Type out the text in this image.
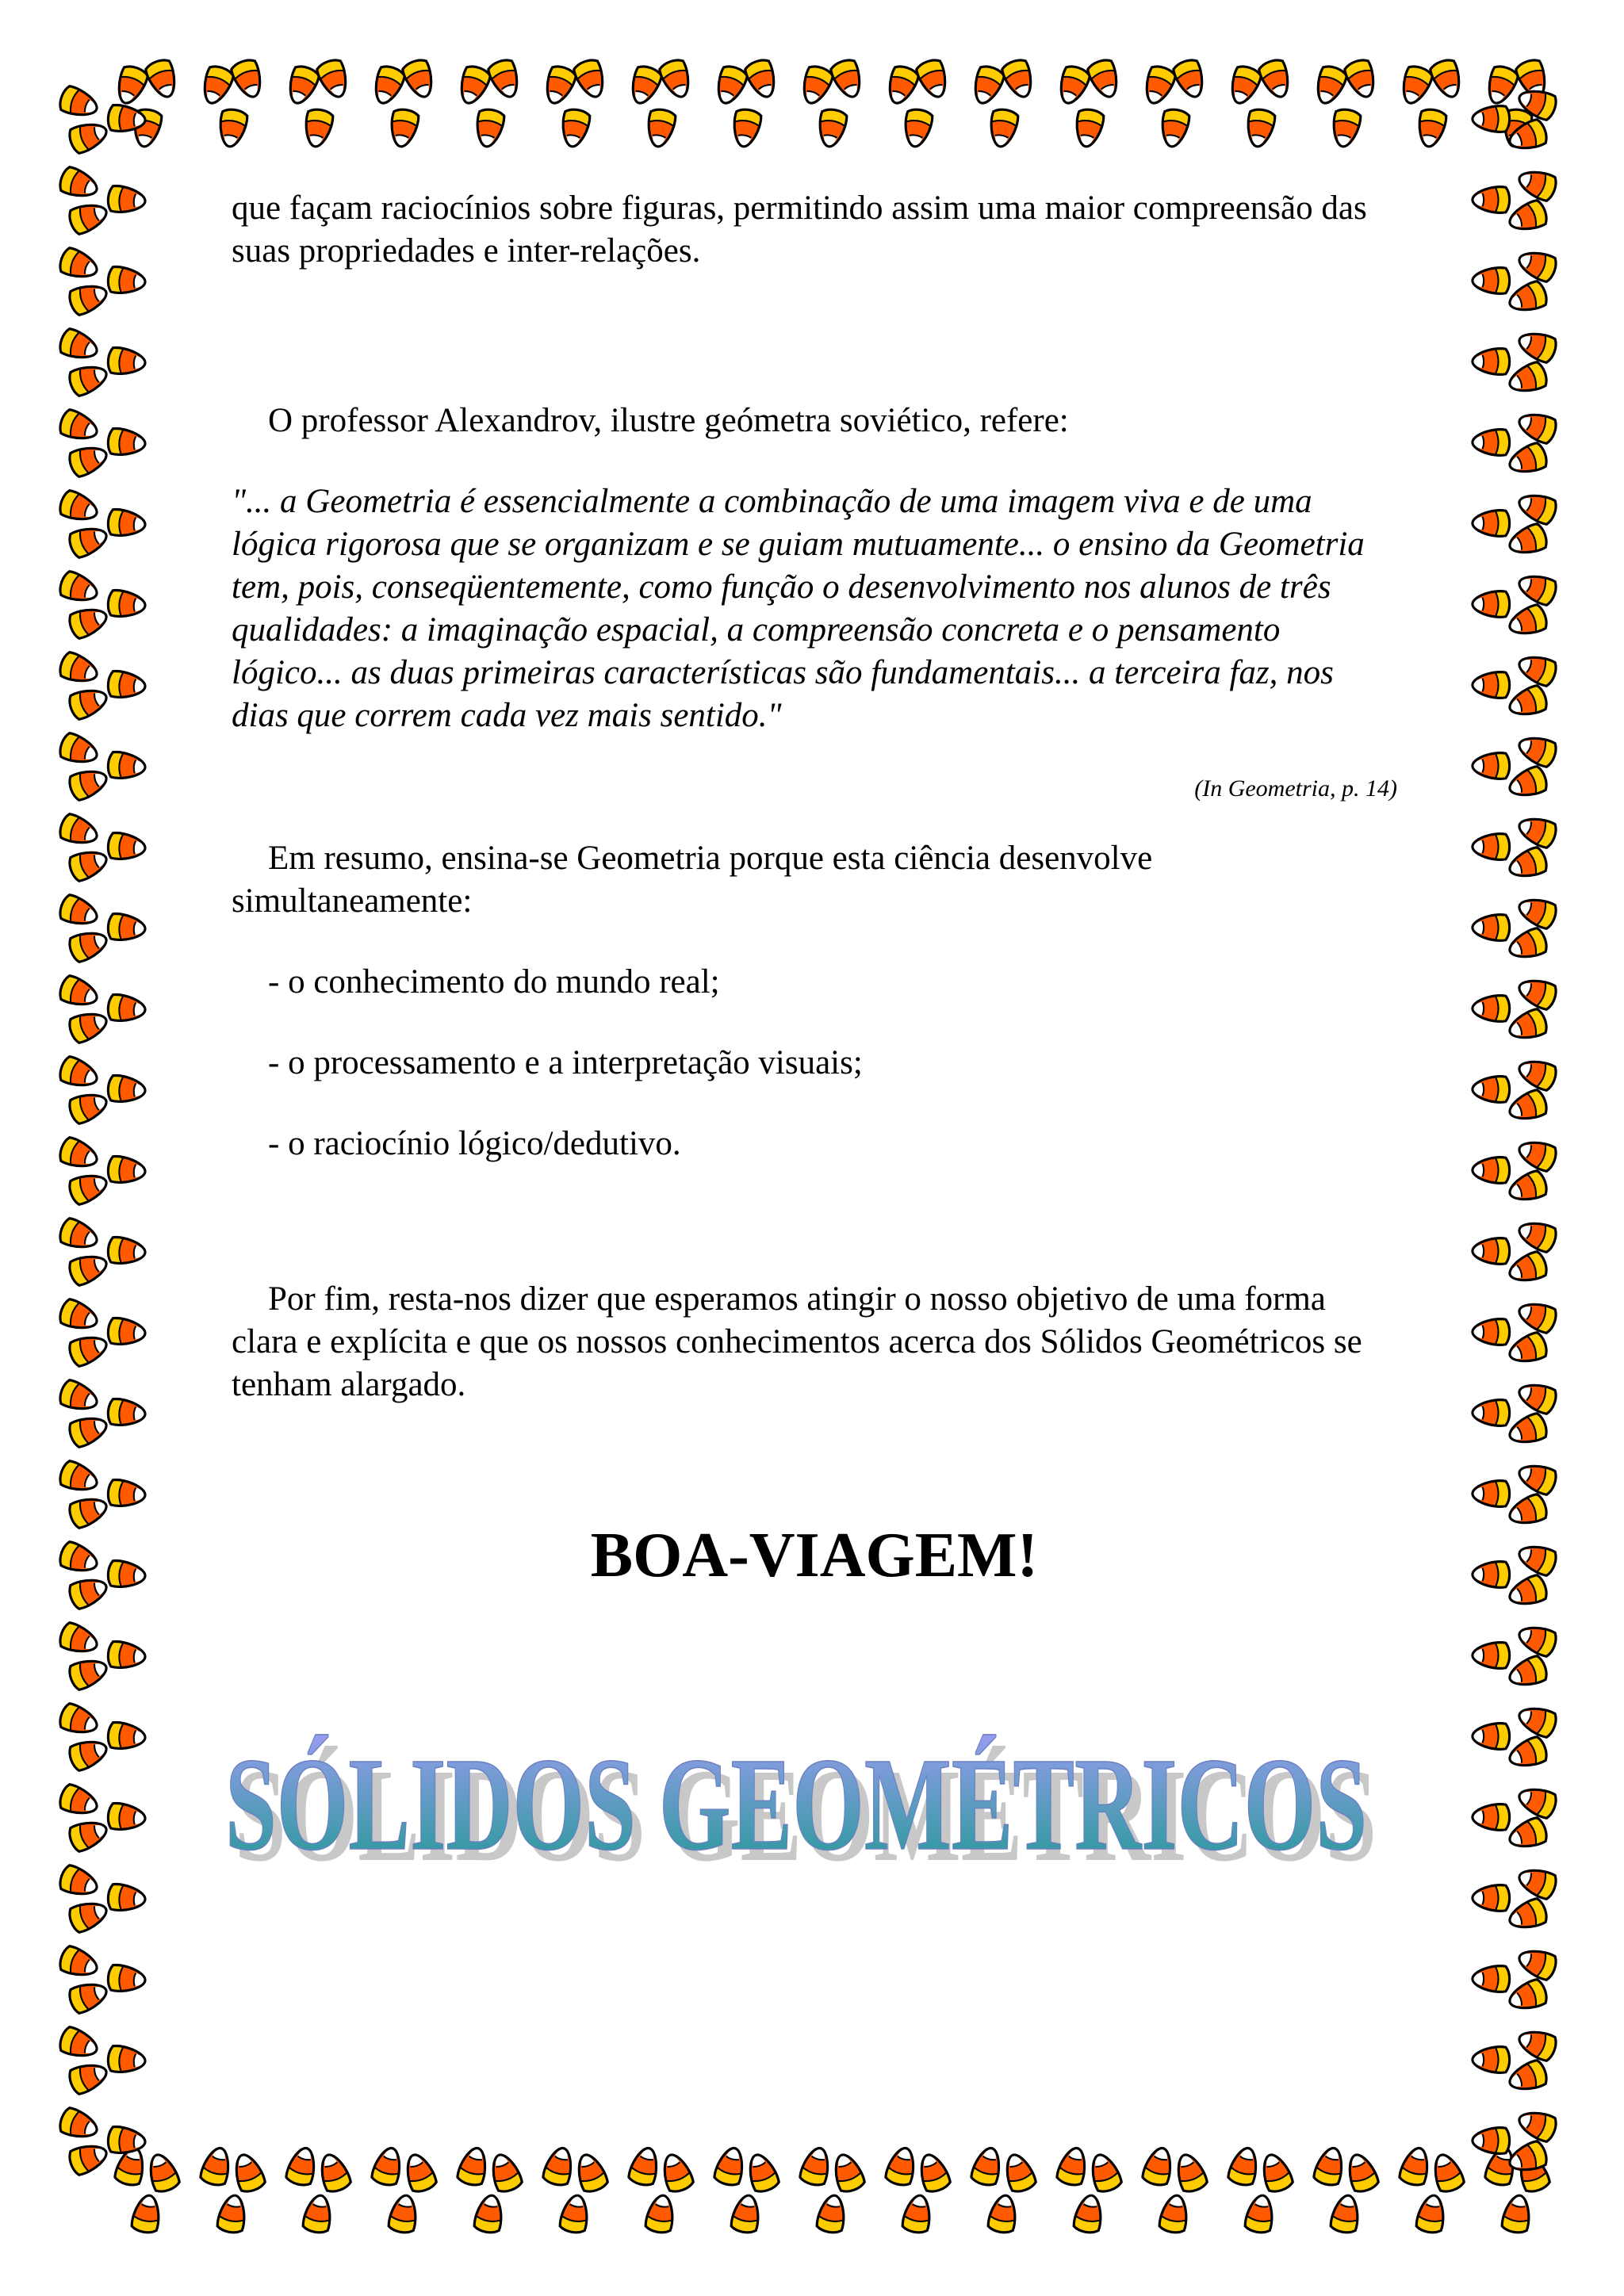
que façam raciocínios sobre figuras, permitindo assim uma maior compreensão das suas propriedades e inter-relações.

O professor Alexandrov, ilustre geómetra soviético, refere:

"... a Geometria é essencialmente a combinação de uma imagem viva e de uma lógica rigorosa que se organizam e se guiam mutuamente... o ensino da Geometria tem, pois, conseqüentemente, como função o desenvolvimento nos alunos de três qualidades: a imaginação espacial, a compreensão concreta e o pensamento lógico... as duas primeiras características são fundamentais... a terceira faz, nos dias que correm cada vez mais sentido."

(In Geometria, p. 14)

Em resumo, ensina-se Geometria porque esta ciência desenvolve simultaneamente:

- o conhecimento do mundo real;

- o processamento e a interpretação visuais;

- o raciocínio lógico/dedutivo.

Por fim, resta-nos dizer que esperamos atingir o nosso objetivo de uma forma clara e explícita e que os nossos conhecimentos acerca dos Sólidos Geométricos se tenham alargado.

BOA-VIAGEM!
SÓLIDOS GEOMÉTRICOS
SÓLIDOS GEOMÉTRICOS
